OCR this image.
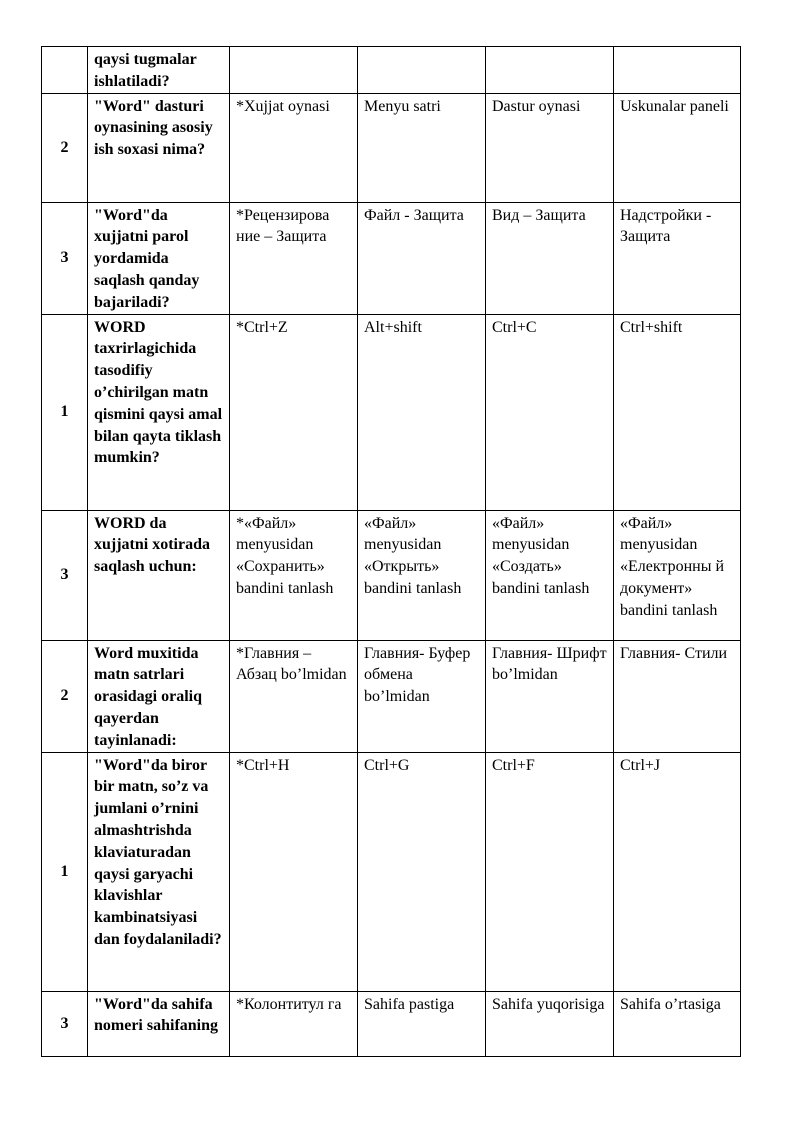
	qaysi tugmalar ishlatiladi?				
2	"Word" dasturi oynasining asosiy ish soxasi nima?	*Xujjat oynasi	Menyu satri	Dastur oynasi	Uskunalar paneli
3	"Word"da xujjatni parol yordamida saqlash qanday bajariladi?	*Рецензирова ние – Защита	Файл - Защита	Вид – Защита	Надстройки - Защита
1	WORD taxrirlagichida tasodifiy o’chirilgan matn qismini qaysi amal bilan qayta tiklash mumkin?	*Ctrl+Z	Alt+shift	Ctrl+C	Ctrl+shift
3	WORD da xujjatni xotirada saqlash uchun:	*«Файл» menyusidan «Сохранить» bandini tanlash	«Файл» menyusidan «Открыть» bandini tanlash	«Файл» menyusidan «Создать» bandini tanlash	«Файл» menyusidan «Електронны й документ» bandini tanlash
2	Word muxitida matn satrlari orasidagi oraliq qayerdan tayinlanadi:	*Главния – Абзац bo’lmidan	Главния- Буфер обмена bo’lmidan	Главния- Шрифт bo’lmidan	Главния- Стили
1	"Word"da biror bir matn, so’z va jumlani o’rnini almashtrishda klaviaturadan qaysi garyachi klavishlar kambinatsiyasi dan foydalaniladi?	*Ctrl+H	Ctrl+G	Ctrl+F	Ctrl+J
3	"Word"da sahifa nomeri sahifaning	*Колонтитул га	Sahifa pastiga	Sahifa yuqorisiga	Sahifa o’rtasiga
